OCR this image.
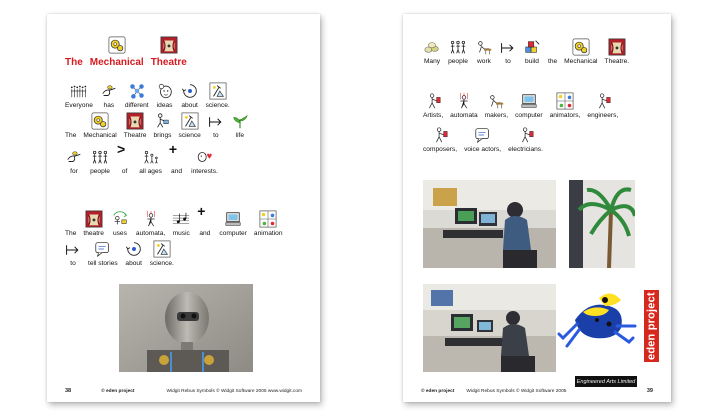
The Mechanical Theatre
Everyone has different ideas about science.
The Mechanical Theatre brings science to	life
for people
>
of all ages
+
and interests.
The theatre uses automata, music
+
and computer animation
to tell stories about science.
38	© eden project	Widgit Rebus Symbols © Widgit Software 2005 www.widgit.com
Many people work to build the Mechanical Theatre.
Artists, automata makers, computer animators, engineers,
composers, voice actors, electricians.
eden project
Engineered Arts Limited
© eden project	Widgit Rebus Symbols © Widgit Software 2005	39
